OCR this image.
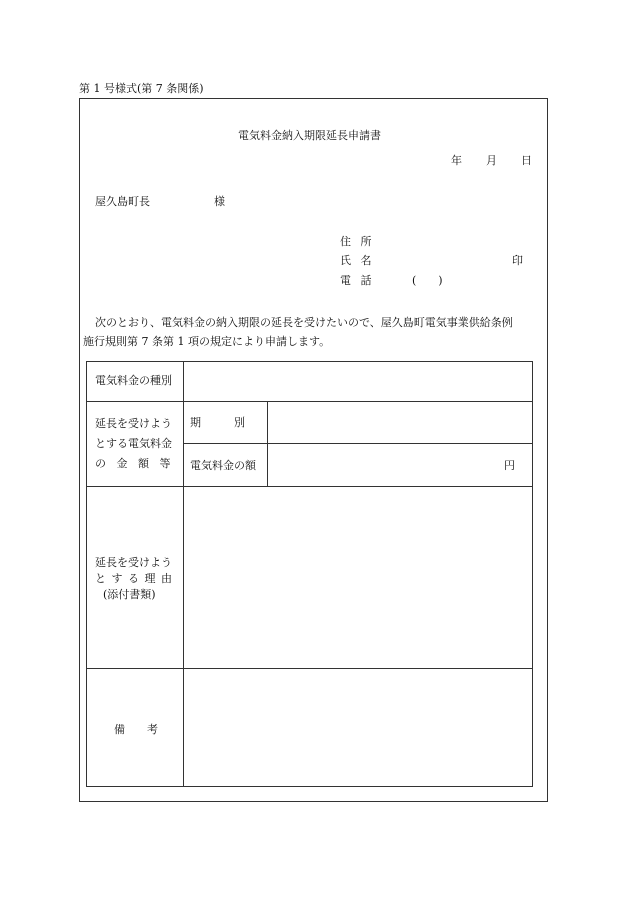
第 1 号様式(第 7 条関係)
電気料金納入期限延長申請書
年 月 日
屋久島町長	様
住 所
氏 名	印
電 話	(　　)
次のとおり、電気料金の納入期限の延長を受けたいので、屋久島町電気事業供給条例
施行規則第 7 条第 1 項の規定により申請します。
電気料金の種別
延長を受けよう
とする電気料金
の 金 額 等
期　　　別
電気料金の額	円
延長を受けよう
と す る 理 由
(添付書類)
備　　考
